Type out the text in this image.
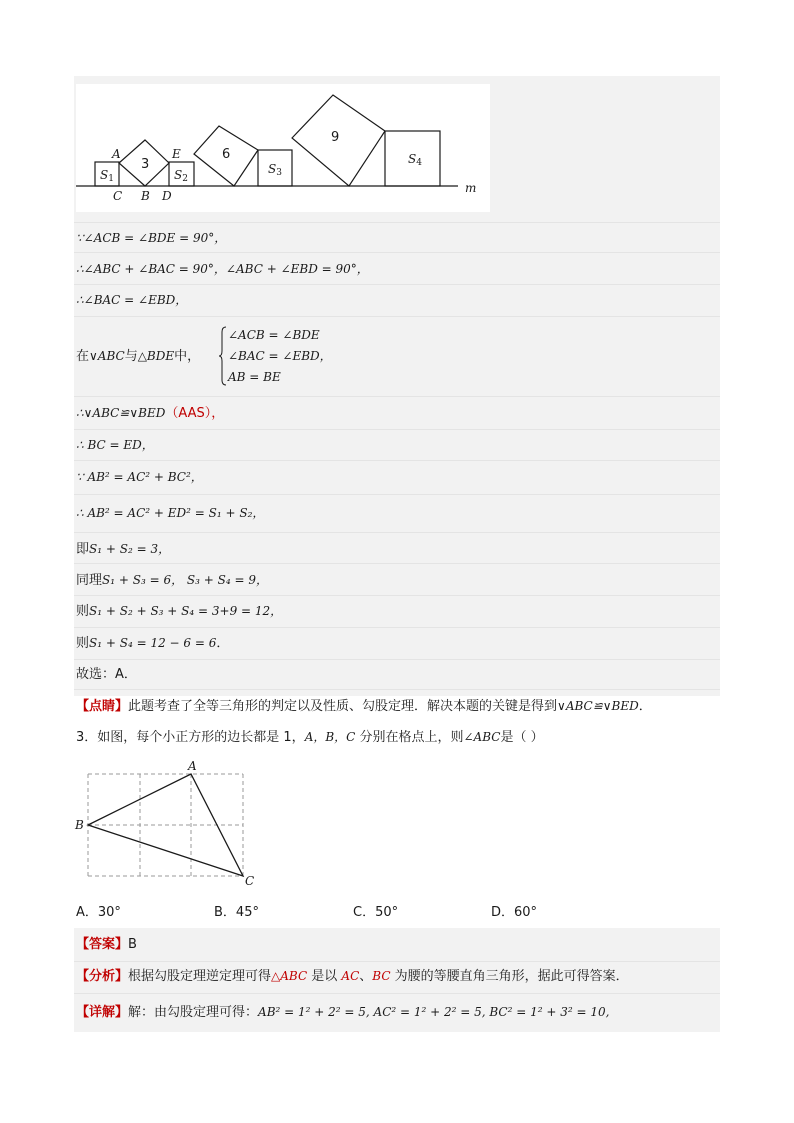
A
B
C	D
E
m
S1	S2
S3
S4
3
6
9
∵∠ACB = ∠BDE = 90°，
∴∠ABC + ∠BAC = 90°，∠ABC + ∠EBD = 90°，
∴∠BAC = ∠EBD，
在∨ABC与△BDE中，
∠ACB = ∠BDE
∠BAC = ∠EBD，
AB = BE
∴∨ABC≌∨BED（AAS），
∴ BC = ED，
∵ AB² = AC² + BC²，
∴ AB² = AC² + ED² = S₁ + S₂，
即S₁ + S₂ = 3，
同理S₁ + S₃ = 6， S₃ + S₄ = 9，
则S₁ + S₂ + S₃ + S₄ = 3+9 = 12，
则S₁ + S₄ = 12 − 6 = 6．
故选：A．
【点睛】此题考查了全等三角形的判定以及性质、勾股定理．解决本题的关键是得到∨ABC≌∨BED．
3．如图，每个小正方形的边长都是 1，A，B，C 分别在格点上，则∠ABC是（ ）
A
B
C
A．30°	B．45°	C．50°	D．60°
【答案】B
【分析】根据勾股定理逆定理可得△ABC 是以 AC、BC 为腰的等腰直角三角形，据此可得答案．
【详解】解：由勾股定理可得：AB² = 1² + 2² = 5, AC² = 1² + 2² = 5, BC² = 1² + 3² = 10,
